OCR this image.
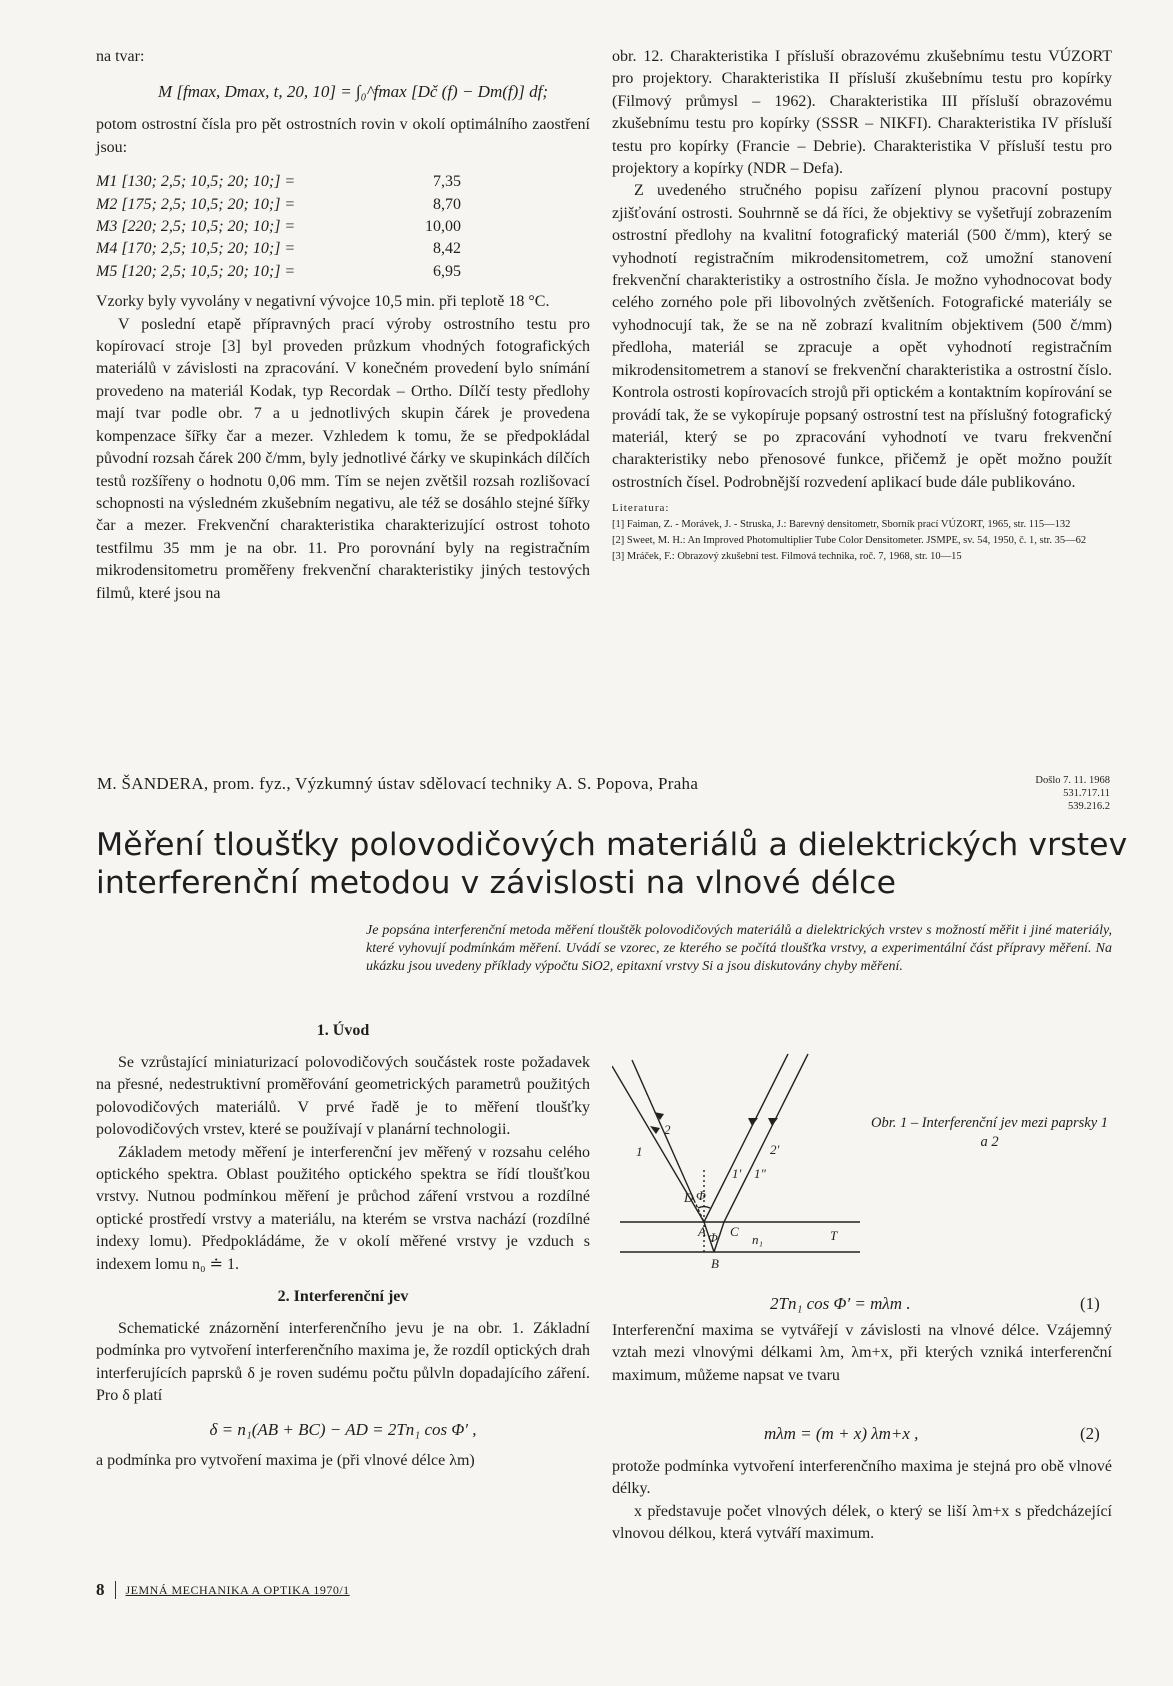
na tvar:

M [fmax, Dmax, t, 20, 10] = ∫₀^fmax [Dč (f) − Dm(f)] df;

potom ostrostní čísla pro pět ostrostních rovin v okolí optimálního zaostření jsou:

M1 [130; 2,5; 10,5; 20; 10;] =	7,35
M2 [175; 2,5; 10,5; 20; 10;] =	8,70
M3 [220; 2,5; 10,5; 20; 10;] =	10,00
M4 [170; 2,5; 10,5; 20; 10;] =	8,42
M5 [120; 2,5; 10,5; 20; 10;] =	6,95

Vzorky byly vyvolány v negativní vývojce 10,5 min. při teplotě 18 °C.

V poslední etapě přípravných prací výroby ostrostního testu pro kopírovací stroje [3] byl proveden průzkum vhodných fotografických materiálů v závislosti na zpracování. V konečném provedení bylo snímání provedeno na materiál Kodak, typ Recordak – Ortho. Dílčí testy předlohy mají tvar podle obr. 7 a u jednotlivých skupin čárek je provedena kompenzace šířky čar a mezer. Vzhledem k tomu, že se předpokládal původní rozsah čárek 200 č/mm, byly jednotlivé čárky ve skupinkách dílčích testů rozšířeny o hodnotu 0,06 mm. Tím se nejen zvětšil rozsah rozlišovací schopnosti na výsledném zkušebním negativu, ale též se dosáhlo stejné šířky čar a mezer. Frekvenční charakteristika charakterizující ostrost tohoto testfilmu 35 mm je na obr. 11. Pro porovnání byly na registračním mikrodensitometru proměřeny frekvenční charakteristiky jiných testových filmů, které jsou na

obr. 12. Charakteristika I přísluší obrazovému zkušebnímu testu VÚZORT pro projektory. Charakteristika II přísluší zkušebnímu testu pro kopírky (Filmový průmysl – 1962). Charakteristika III přísluší obrazovému zkušebnímu testu pro kopírky (SSSR – NIKFI). Charakteristika IV přísluší testu pro kopírky (Francie – Debrie). Charakteristika V přísluší testu pro projektory a kopírky (NDR – Defa).

Z uvedeného stručného popisu zařízení plynou pracovní postupy zjišťování ostrosti. Souhrnně se dá říci, že objektivy se vyšetřují zobrazením ostrostní předlohy na kvalitní fotografický materiál (500 č/mm), který se vyhodnotí registračním mikrodensitometrem, což umožní stanovení frekvenční charakteristiky a ostrostního čísla. Je možno vyhodnocovat body celého zorného pole při libovolných zvětšeních. Fotografické materiály se vyhodnocují tak, že se na ně zobrazí kvalitním objektivem (500 č/mm) předloha, materiál se zpracuje a opět vyhodnotí registračním mikrodensitometrem a stanoví se frekvenční charakteristika a ostrostní číslo. Kontrola ostrosti kopírovacích strojů při optickém a kontaktním kopírování se provádí tak, že se vykopíruje popsaný ostrostní test na příslušný fotografický materiál, který se po zpracování vyhodnotí ve tvaru frekvenční charakteristiky nebo přenosové funkce, přičemž je opět možno použít ostrostních čísel. Podrobnější rozvedení aplikací bude dále publikováno.

Literatura:

[1] Faiman, Z. - Morávek, J. - Struska, J.: Barevný densitometr, Sborník prací VÚZORT, 1965, str. 115—132

[2] Sweet, M. H.: An Improved Photomultiplier Tube Color Densitometer. JSMPE, sv. 54, 1950, č. 1, str. 35—62

[3] Mráček, F.: Obrazový zkušební test. Filmová technika, roč. 7, 1968, str. 10—15

M. ŠANDERA, prom. fyz., Výzkumný ústav sdělovací techniky A. S. Popova, Praha	Došlo 7. 11. 1968
531.717.11
539.216.2
Měření tloušťky polovodičových materiálů a dielektrických vrstev
interferenční metodou v závislosti na vlnové délce

Je popsána interferenční metoda měření tlouštěk polovodičových materiálů a dielektrických vrstev s možností měřit i jiné materiály, které vyhovují podmínkám měření. Uvádí se vzorec, ze kterého se počítá tloušťka vrstvy, a experimentální část přípravy měření. Na ukázku jsou uvedeny příklady výpočtu SiO2, epitaxní vrstvy Si a jsou diskutovány chyby měření.

1. Úvod

Se vzrůstající miniaturizací polovodičových součástek roste požadavek na přesné, nedestruktivní proměřování geometrických parametrů použitých polovodičových materiálů. V prvé řadě je to měření tloušťky polovodičových vrstev, které se používají v planární technologii.

Základem metody měření je interferenční jev měřený v rozsahu celého optického spektra. Oblast použitého optického spektra se řídí tloušťkou vrstvy. Nutnou podmínkou měření je průchod záření vrstvou a rozdílné optické prostředí vrstvy a materiálu, na kterém se vrstva nachází (rozdílné indexy lomu). Předpokládáme, že v okolí měřené vrstvy je vzduch s indexem lomu n₀ ≐ 1.

2. Interferenční jev

Schematické znázornění interferenčního jevu je na obr. 1. Základní podmínka pro vytvoření interferenčního maxima je, že rozdíl optických drah interferujících paprsků δ je roven sudému počtu půlvln dopadajícího záření. Pro δ platí

δ = n₁(AB + BC) − AD = 2Tn₁ cos Φ′ ,

a podmínka pro vytvoření maxima je (při vlnové délce λm)

1
2
1′
2′
1″
Φ
Φ′
D
A C
B
n₁	T

Obr. 1 – Interferenční jev mezi paprsky 1 a 2

2Tn₁ cos Φ′ = mλm .	(1)

Interferenční maxima se vytvářejí v závislosti na vlnové délce. Vzájemný vztah mezi vlnovými délkami λm, λm+x, při kterých vzniká interferenční maximum, můžeme napsat ve tvaru

mλm = (m + x) λm+x ,	(2)

protože podmínka vytvoření interferenčního maxima je stejná pro obě vlnové délky.

x představuje počet vlnových délek, o který se liší λm+x s předcházející vlnovou délkou, která vytváří maximum.

8 JEMNÁ MECHANIKA A OPTIKA 1970/1
